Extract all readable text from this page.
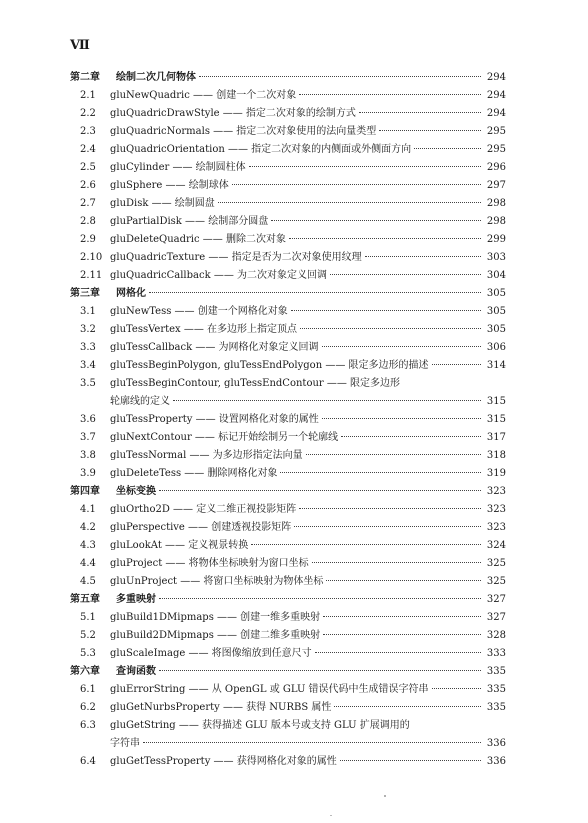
Ⅶ
第二章	绘制二次几何物体	294
2.1	gluNewQuadric —— 创建一个二次对象	294
2.2	gluQuadricDrawStyle —— 指定二次对象的绘制方式	294
2.3	gluQuadricNormals —— 指定二次对象使用的法向量类型	295
2.4	gluQuadricOrientation —— 指定二次对象的内侧面或外侧面方向	295
2.5	gluCylinder —— 绘制圆柱体	296
2.6	gluSphere —— 绘制球体	297
2.7	gluDisk —— 绘制圆盘	298
2.8	gluPartialDisk —— 绘制部分圆盘	298
2.9	gluDeleteQuadric —— 删除二次对象	299
2.10 gluQuadricTexture —— 指定是否为二次对象使用纹理	303
2.11 gluQuadricCallback —— 为二次对象定义回调	304
第三章	网格化	305
3.1	gluNewTess —— 创建一个网格化对象	305
3.2	gluTessVertex —— 在多边形上指定顶点	305
3.3	gluTessCallback —— 为网格化对象定义回调	306
3.4	gluTessBeginPolygon, gluTessEndPolygon —— 限定多边形的描述	314
3.5	gluTessBeginContour, gluTessEndContour —— 限定多边形
轮廓线的定义	315
3.6	gluTessProperty —— 设置网格化对象的属性	315
3.7	gluNextContour —— 标记开始绘制另一个轮廓线	317
3.8	gluTessNormal —— 为多边形指定法向量	318
3.9	gluDeleteTess —— 删除网格化对象	319
第四章	坐标变换	323
4.1	gluOrtho2D —— 定义二维正视投影矩阵	323
4.2	gluPerspective —— 创建透视投影矩阵	323
4.3	gluLookAt —— 定义视景转换	324
4.4	gluProject —— 将物体坐标映射为窗口坐标	325
4.5	gluUnProject —— 将窗口坐标映射为物体坐标	325
第五章	多重映射	327
5.1	gluBuild1DMipmaps —— 创建一维多重映射	327
5.2	gluBuild2DMipmaps —— 创建二维多重映射	328
5.3	gluScaleImage —— 将图像缩放到任意尺寸	333
第六章	查询函数	335
6.1	gluErrorString —— 从 OpenGL 或 GLU 错误代码中生成错误字符串	335
6.2	gluGetNurbsProperty —— 获得 NURBS 属性	335
6.3	gluGetString —— 获得描述 GLU 版本号或支持 GLU 扩展调用的
字符串	336
6.4	gluGetTessProperty —— 获得网格化对象的属性	336
